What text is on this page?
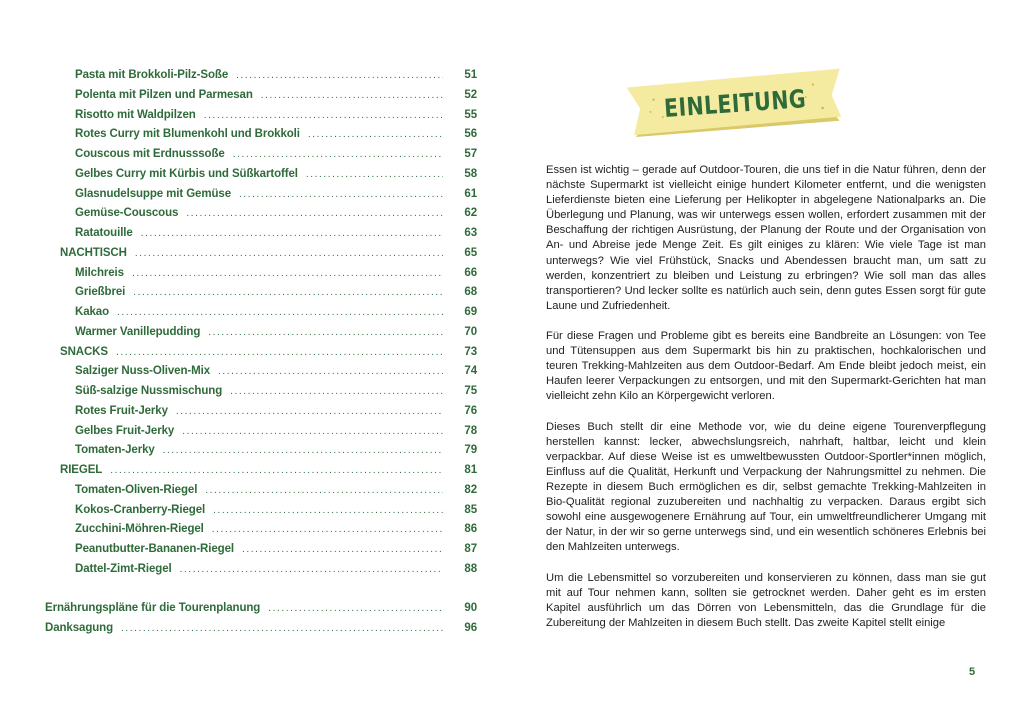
Pasta mit Brokkoli-Pilz-Soße .....	51
Polenta mit Pilzen und Parmesan .....	52
Risotto mit Waldpilzen .....	55
Rotes Curry mit Blumenkohl und Brokkoli .....	56
Couscous mit Erdnusssoße .....	57
Gelbes Curry mit Kürbis und Süßkartoffel .....	58
Glasnudelsuppe mit Gemüse .....	61
Gemüse-Couscous .....	62
Ratatouille .....	63
NACHTISCH .....	65
Milchreis .....	66
Grießbrei .....	68
Kakao .....	69
Warmer Vanillepudding .....	70
SNACKS .....	73
Salziger Nuss-Oliven-Mix .....	74
Süß-salzige Nussmischung .....	75
Rotes Fruit-Jerky .....	76
Gelbes Fruit-Jerky .....	78
Tomaten-Jerky .....	79
RIEGEL .....	81
Tomaten-Oliven-Riegel .....	82
Kokos-Cranberry-Riegel .....	85
Zucchini-Möhren-Riegel .....	86
Peanutbutter-Bananen-Riegel .....	87
Dattel-Zimt-Riegel .....	88
Ernährungspläne für die Tourenplanung .....	90
Danksagung .....	96
EINLEITUNG

Essen ist wichtig – gerade auf Outdoor-Touren, die uns tief in die Natur führen, denn der nächste Supermarkt ist vielleicht einige hundert Kilometer entfernt, und die wenigsten Lieferdienste bieten eine Lieferung per Helikopter in abgelegene Nationalparks an. Die Überlegung und Planung, was wir unterwegs essen wollen, erfordert zusammen mit der Beschaffung der richtigen Ausrüstung, der Planung der Route und der Organisation von An- und Abreise jede Menge Zeit. Es gilt einiges zu klären: Wie viele Tage ist man unterwegs? Wie viel Frühstück, Snacks und Abendessen braucht man, um satt zu werden, konzentriert zu bleiben und Leistung zu erbringen? Wie soll man das alles transportieren? Und lecker sollte es natürlich auch sein, denn gutes Essen sorgt für gute Laune und Zufriedenheit.

Für diese Fragen und Probleme gibt es bereits eine Bandbreite an Lösungen: von Tee und Tütensuppen aus dem Supermarkt bis hin zu praktischen, hochkalorischen und teuren Trekking-Mahlzeiten aus dem Outdoor-Bedarf. Am Ende bleibt jedoch meist, ein Haufen leerer Verpackungen zu entsorgen, und mit den Supermarkt-Gerichten hat man vielleicht zehn Kilo an Körpergewicht verloren.

Dieses Buch stellt dir eine Methode vor, wie du deine eigene Tourenverpflegung herstellen kannst: lecker, abwechslungsreich, nahrhaft, haltbar, leicht und klein verpackbar. Auf diese Weise ist es umweltbewussten Outdoor-Sportler*innen möglich, Einfluss auf die Qualität, Herkunft und Verpackung der Nahrungsmittel zu nehmen. Die Rezepte in diesem Buch ermöglichen es dir, selbst gemachte Trekking-Mahlzeiten in Bio-Qualität regional zuzubereiten und nachhaltig zu verpacken. Daraus ergibt sich sowohl eine ausgewogenere Ernährung auf Tour, ein umweltfreundlicherer Umgang mit der Natur, in der wir so gerne unterwegs sind, und ein wesentlich schöneres Erlebnis bei den Mahlzeiten unterwegs.

Um die Lebensmittel so vorzubereiten und konservieren zu können, dass man sie gut mit auf Tour nehmen kann, sollten sie getrocknet werden. Daher geht es im ersten Kapitel ausführlich um das Dörren von Lebensmitteln, das die Grundlage für die Zubereitung der Mahlzeiten in diesem Buch stellt. Das zweite Kapitel stellt einige

5
